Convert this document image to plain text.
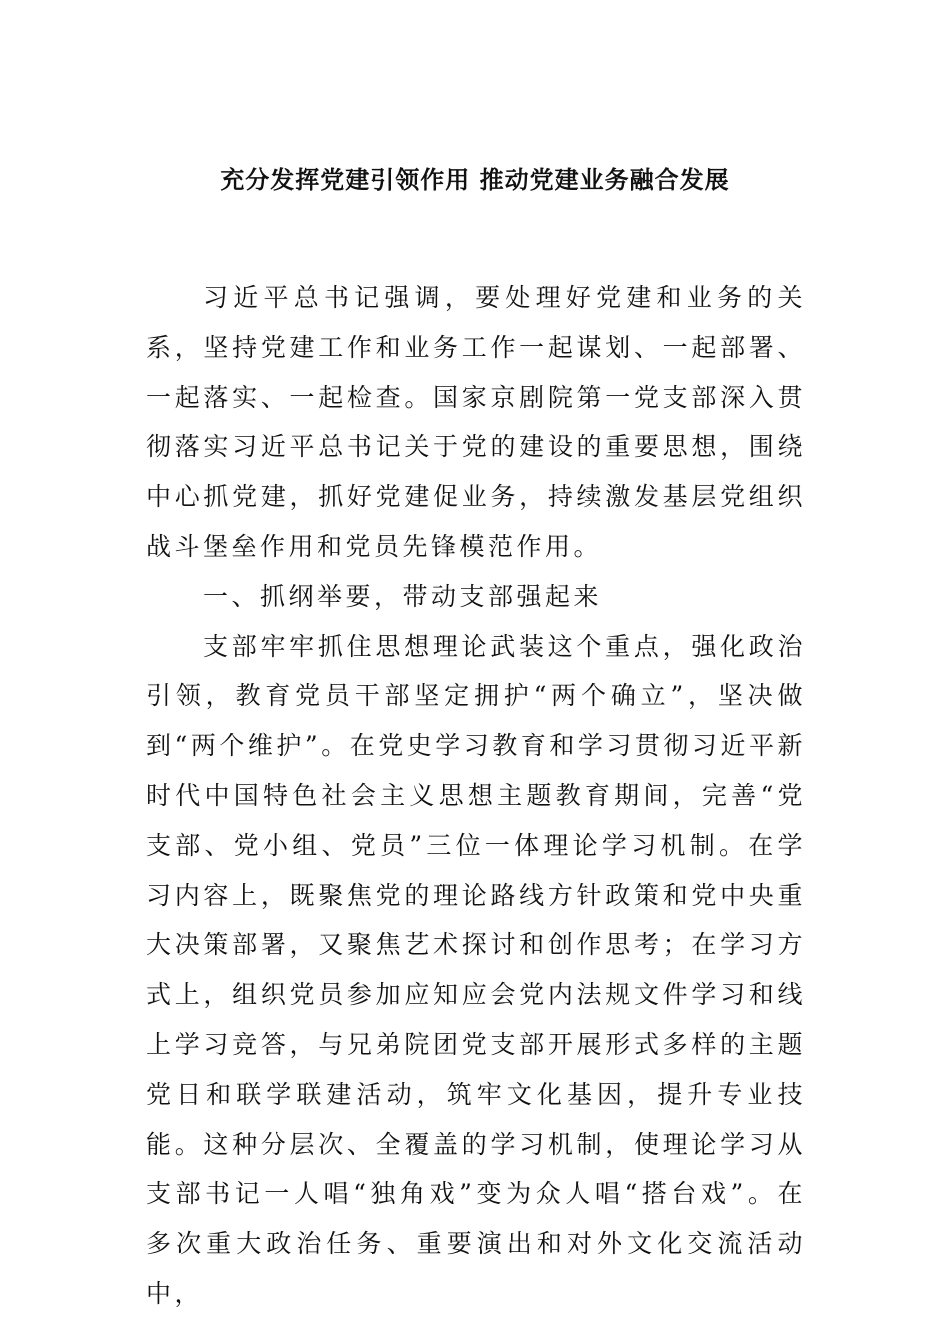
充分发挥党建引领作用 推动党建业务融合发展

习近平总书记强调，要处理好党建和业务的关系，坚持党建工作和业务工作一起谋划、一起部署、一起落实、一起检查。国家京剧院第一党支部深入贯彻落实习近平总书记关于党的建设的重要思想，围绕中心抓党建，抓好党建促业务，持续激发基层党组织战斗堡垒作用和党员先锋模范作用。

一、抓纲举要，带动支部强起来

支部牢牢抓住思想理论武装这个重点，强化政治引领，教育党员干部坚定拥护“两个确立”，坚决做到“两个维护”。在党史学习教育和学习贯彻习近平新时代中国特色社会主义思想主题教育期间，完善“党支部、党小组、党员”三位一体理论学习机制。在学习内容上，既聚焦党的理论路线方针政策和党中央重大决策部署，又聚焦艺术探讨和创作思考；在学习方式上，组织党员参加应知应会党内法规文件学习和线上学习竞答，与兄弟院团党支部开展形式多样的主题党日和联学联建活动，筑牢文化基因，提升专业技能。这种分层次、全覆盖的学习机制，使理论学习从支部书记一人唱“独角戏”变为众人唱“搭台戏”。在多次重大政治任务、重要演出和对外文化交流活动中，
